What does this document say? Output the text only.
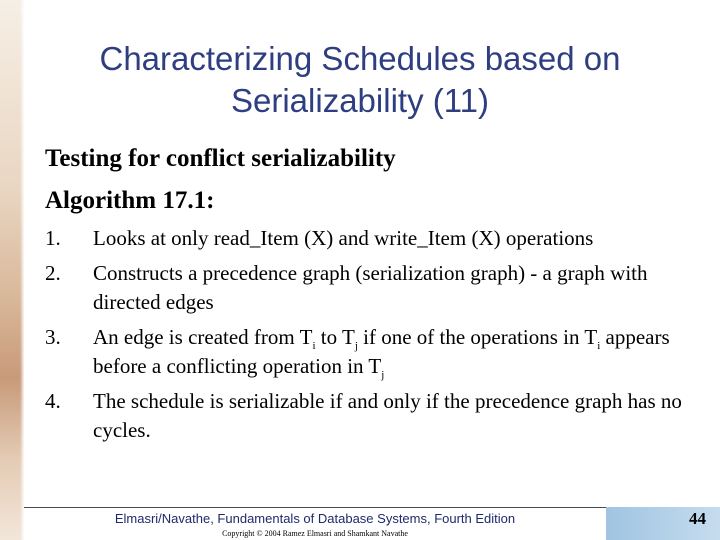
Characterizing Schedules based on
Serializability (11)
Testing for conflict serializability
Algorithm 17.1:
1.	Looks at only read_Item (X) and write_Item (X) operations
2.	Constructs a precedence graph (serialization graph) - a graph with directed edges
3.	An edge is created from $T_i$ to $T_j$ if one of the operations in $T_i$ appears before a conflicting operation in $T_j$
4.	The schedule is serializable if and only if the precedence graph has no cycles.
44
Elmasri/Navathe, Fundamentals of Database Systems, Fourth Edition
Copyright © 2004 Ramez Elmasri and Shamkant Navathe
